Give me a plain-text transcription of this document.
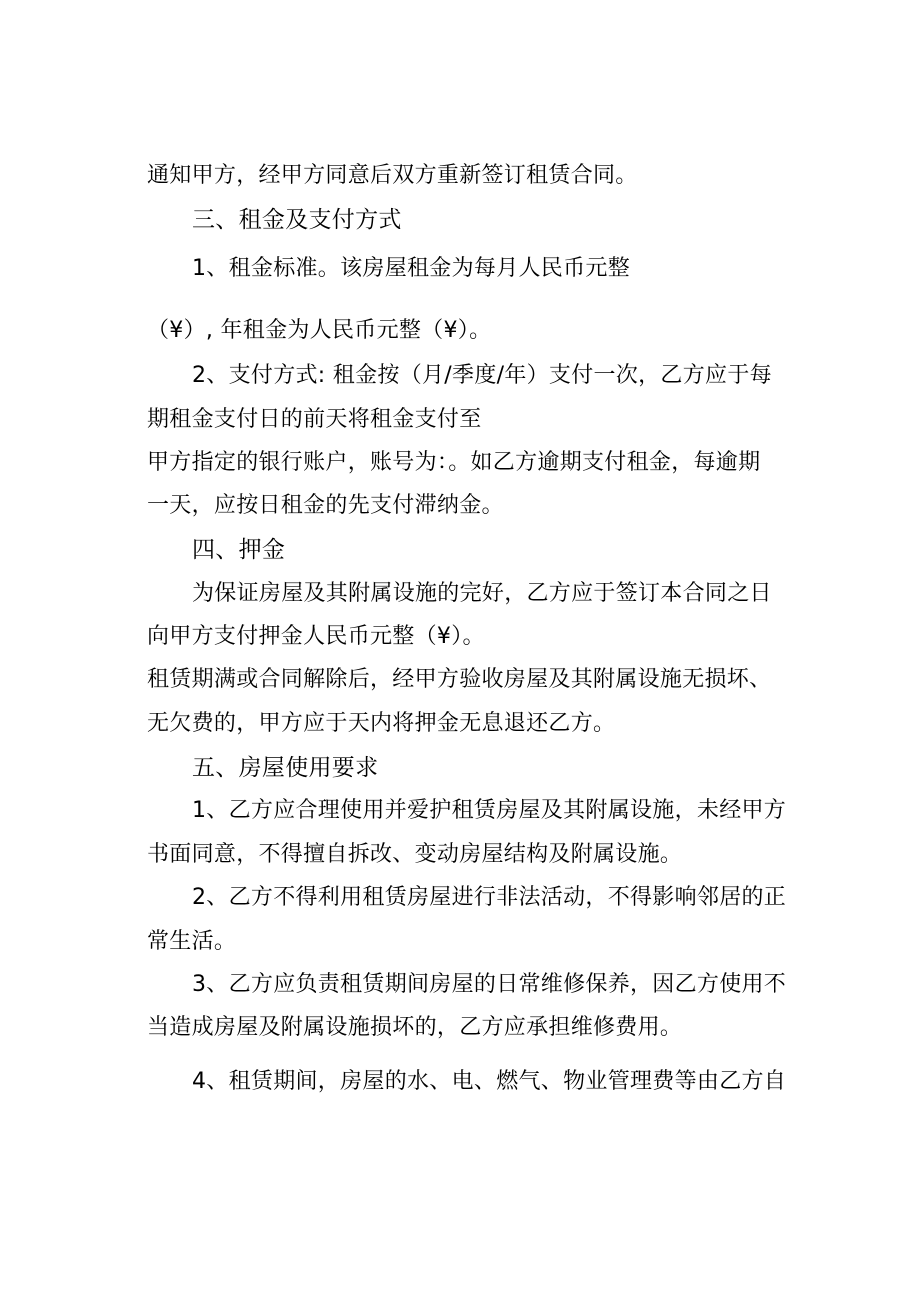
通知甲方，经甲方同意后双方重新签订租赁合同。
三、租金及支付方式
1、租金标准。该房屋租金为每月人民币元整
（¥）, 年租金为人民币元整（¥）。
2、支付方式: 租金按（月/季度/年）支付一次，乙方应于每
期租金支付日的前天将租金支付至
甲方指定的银行账户，账号为：。如乙方逾期支付租金，每逾期
一天，应按日租金的先支付滞纳金。
四、押金
为保证房屋及其附属设施的完好，乙方应于签订本合同之日
向甲方支付押金人民币元整（¥）。
租赁期满或合同解除后，经甲方验收房屋及其附属设施无损坏、
无欠费的，甲方应于天内将押金无息退还乙方。
五、房屋使用要求
1、乙方应合理使用并爱护租赁房屋及其附属设施，未经甲方
书面同意，不得擅自拆改、变动房屋结构及附属设施。
2、乙方不得利用租赁房屋进行非法活动，不得影响邻居的正
常生活。
3、乙方应负责租赁期间房屋的日常维修保养，因乙方使用不
当造成房屋及附属设施损坏的，乙方应承担维修费用。
4、租赁期间，房屋的水、电、燃气、物业管理费等由乙方自
